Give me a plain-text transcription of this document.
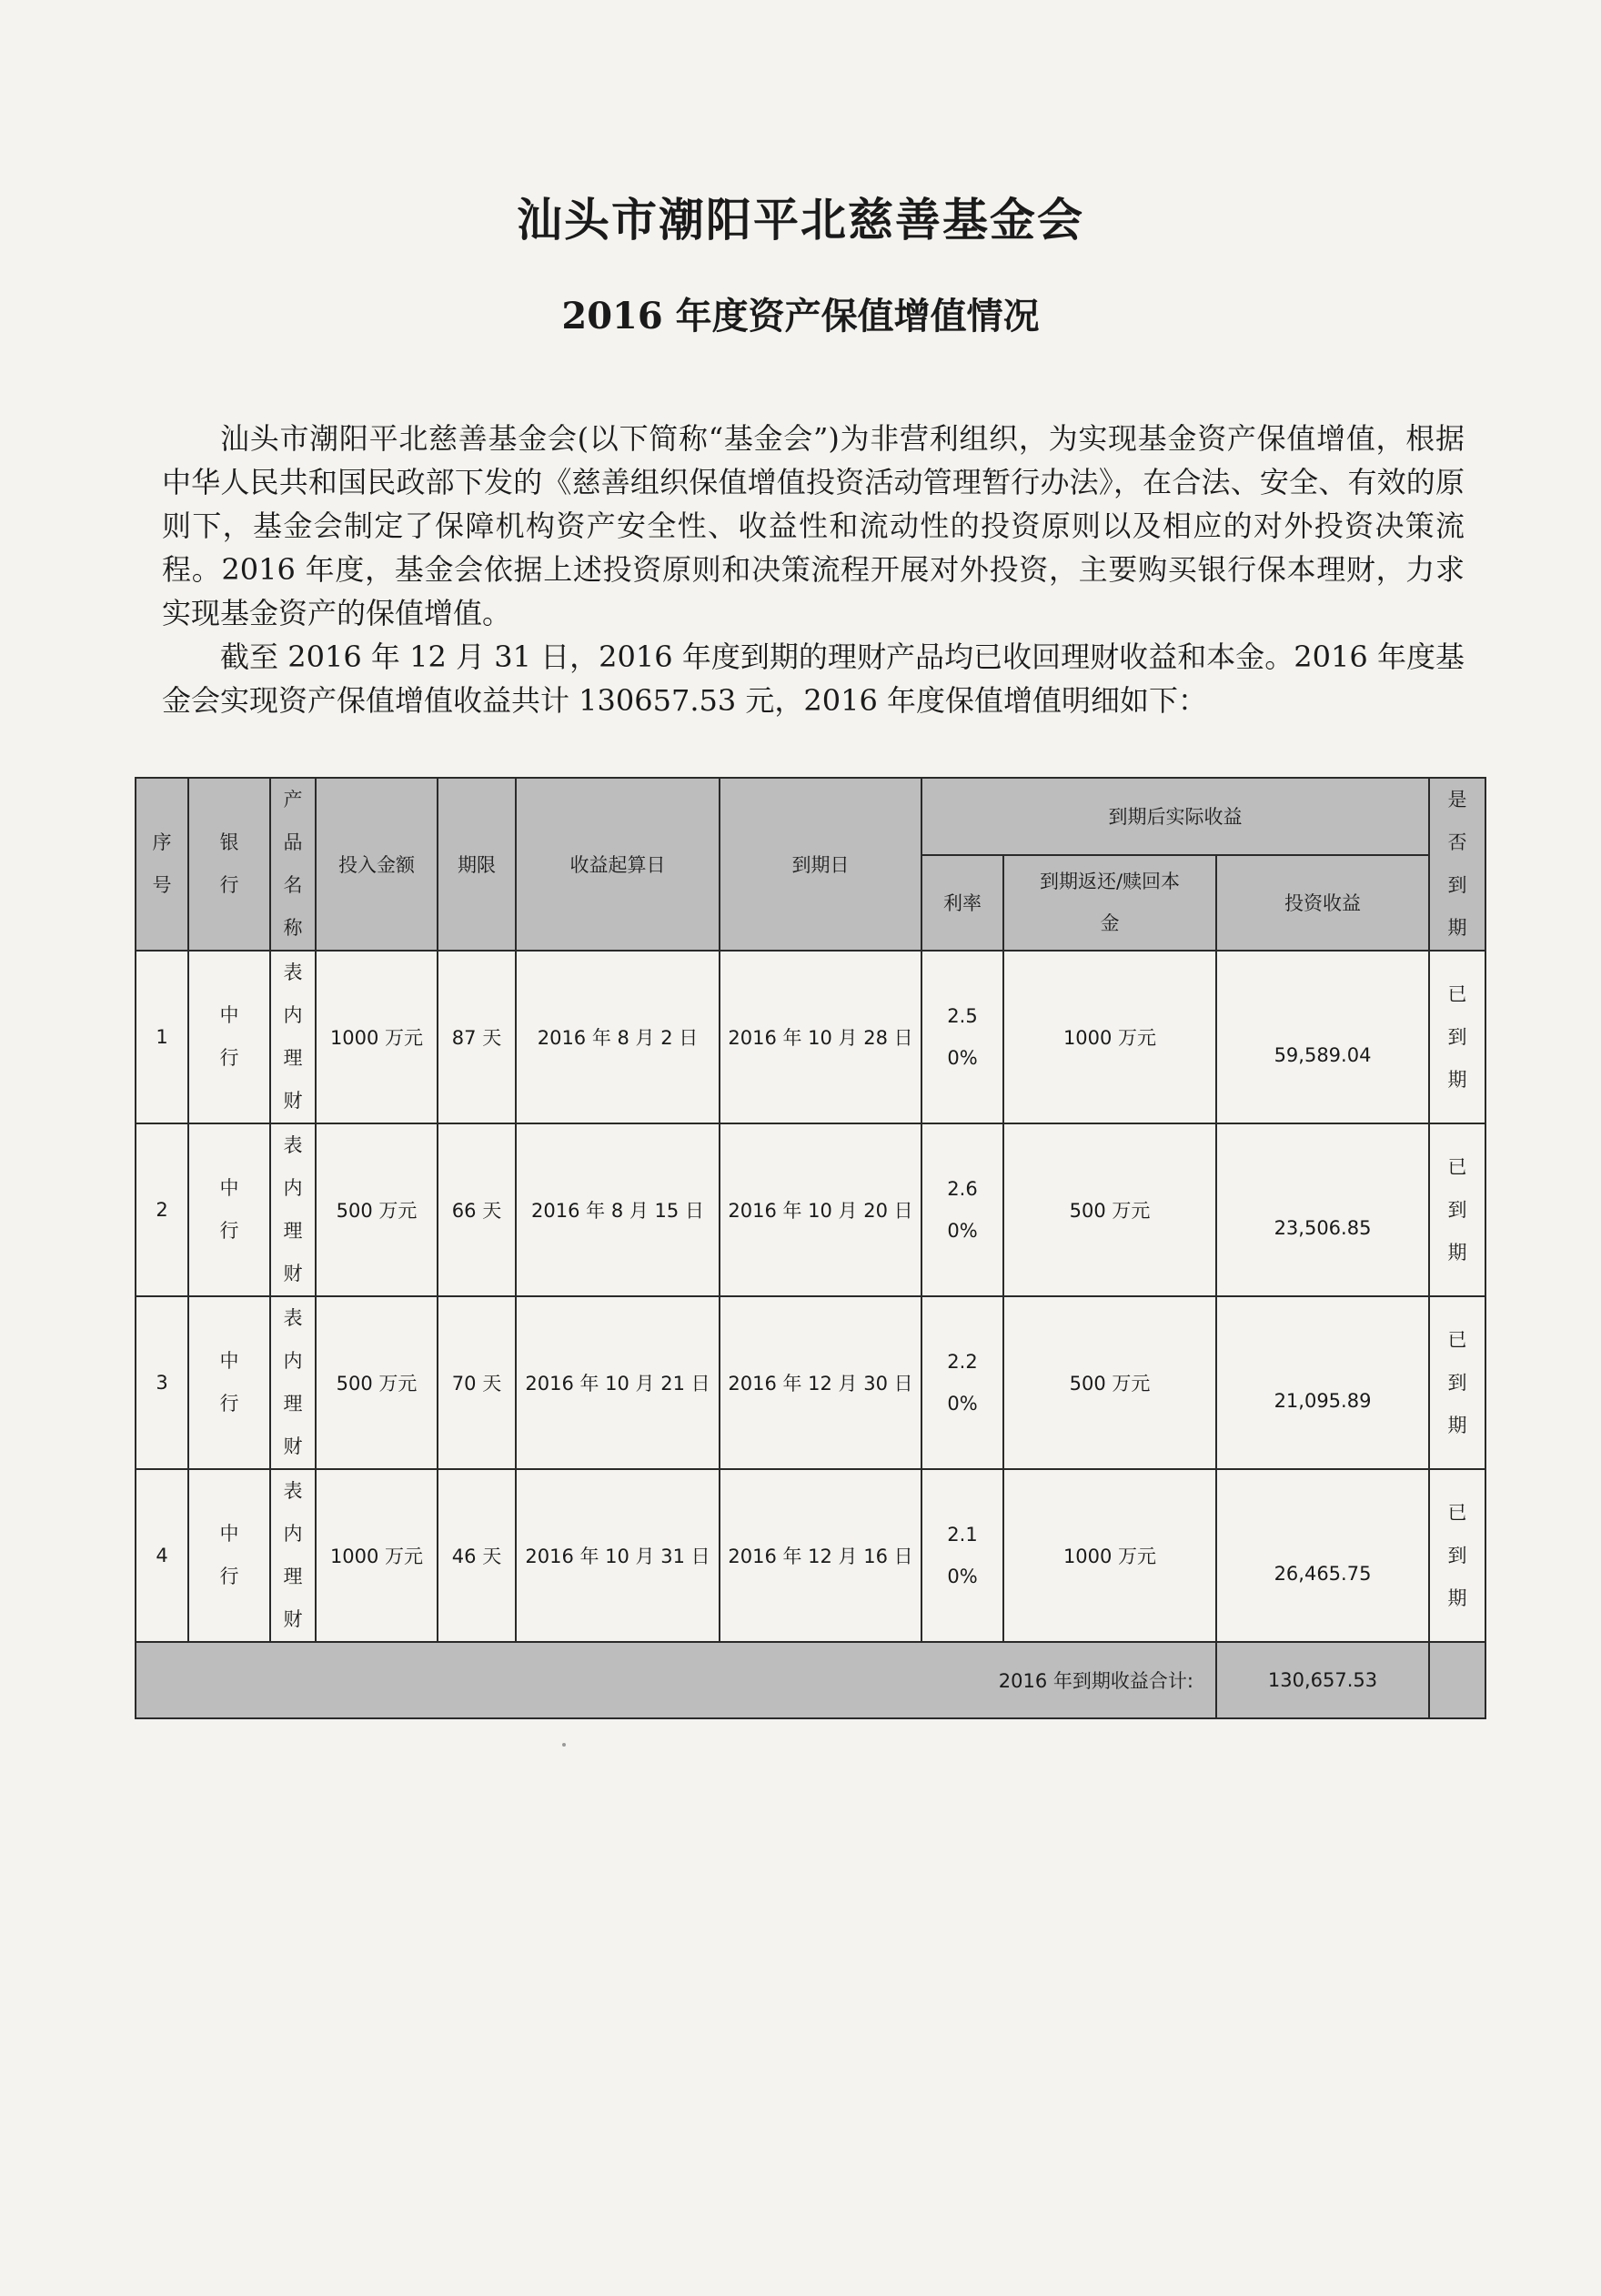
汕头市潮阳平北慈善基金会
2016 年度资产保值增值情况

汕头市潮阳平北慈善基金会(以下简称“基金会”)为非营利组织，为实现基金资产保值增值，根据中华人民共和国民政部下发的《慈善组织保值增值投资活动管理暂行办法》，在合法、安全、有效的原则下，基金会制定了保障机构资产安全性、收益性和流动性的投资原则以及相应的对外投资决策流程。2016 年度，基金会依据上述投资原则和决策流程开展对外投资，主要购买银行保本理财，力求实现基金资产的保值增值。

截至 2016 年 12 月 31 日，2016 年度到期的理财产品均已收回理财收益和本金。2016 年度基金会实现资产保值增值收益共计 130657.53 元，2016 年度保值增值明细如下：

序号	银行	产品名称	投入金额	期限	收益起算日	到期日	到期后实际收益			是否到期
							利率	到期返还/赎回本金	投资收益	
1	中行	表内理财	1000 万元	87 天	2016 年 8 月 2 日	2016 年 10 月 28 日	2.50%	1000 万元	59,589.04	已到期
2	中行	表内理财	500 万元	66 天	2016 年 8 月 15 日	2016 年 10 月 20 日	2.60%	500 万元	23,506.85	已到期
3	中行	表内理财	500 万元	70 天	2016 年 10 月 21 日	2016 年 12 月 30 日	2.20%	500 万元	21,095.89	已到期
4	中行	表内理财	1000 万元	46 天	2016 年 10 月 31 日	2016 年 12 月 16 日	2.10%	1000 万元	26,465.75	已到期
2016 年到期收益合计:									130,657.53	
